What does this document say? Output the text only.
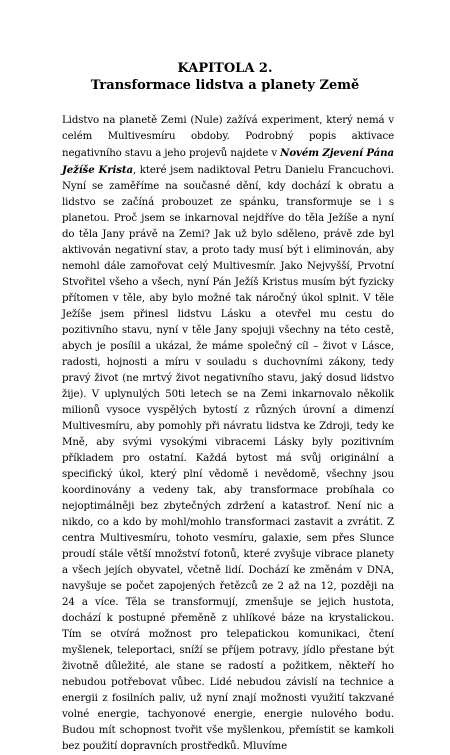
KAPITOLA 2.
Transformace lidstva a planety Země

Lidstvo na planetě Zemi (Nule) zažívá experiment, který nemá v celém Multivesmíru obdoby. Podrobný popis aktivace negativního stavu a jeho projevů najdete v Novém Zjevení Pána Ježíše Krista, které jsem nadiktoval Petru Danielu Francuchovi. Nyní se zaměříme na současné dění, kdy dochází k obratu a lidstvo se začíná probouzet ze spánku, transformuje se i s planetou. Proč jsem se inkarnoval nejdříve do těla Ježíše a nyní do těla Jany právě na Zemi? Jak už bylo sděleno, právě zde byl aktivován negativní stav, a proto tady musí být i eliminován, aby nemohl dále zamořovat celý Multivesmír. Jako Nejvyšší, Prvotní Stvořitel všeho a všech, nyní Pán Ježíš Kristus musím být fyzicky přítomen v těle, aby bylo možné tak náročný úkol splnit. V těle Ježíše jsem přinesl lidstvu Lásku a otevřel mu cestu do pozitivního stavu, nyní v těle Jany spojuji všechny na této cestě, abych je posílil a ukázal, že máme společný cíl – život v Lásce, radosti, hojnosti a míru v souladu s duchovními zákony, tedy pravý život (ne mrtvý život negativního stavu, jaký dosud lidstvo žije). V uplynulých 50ti letech se na Zemi inkarnovalo několik milionů vysoce vyspělých bytostí z různých úrovní a dimenzí Multivesmíru, aby pomohly při návratu lidstva ke Zdroji, tedy ke Mně, aby svými vysokými vibracemi Lásky byly pozitivním příkladem pro ostatní. Každá bytost má svůj originální a specifický úkol, který plní vědomě i nevědomě, všechny jsou koordinovány a vedeny tak, aby transformace probíhala co nejoptimálněji bez zbytečných zdržení a katastrof. Není nic a nikdo, co a kdo by mohl/mohlo transformaci zastavit a zvrátit. Z centra Multivesmíru, tohoto vesmíru, galaxie, sem přes Slunce proudí stále větší množství fotonů, které zvyšuje vibrace planety a všech jejích obyvatel, včetně lidí. Dochází ke změnám v DNA, navyšuje se počet zapojených řetězců ze 2 až na 12, později na 24 a více. Těla se transformují, zmenšuje se jejich hustota, dochází k postupné přeměně z uhlíkové báze na krystalickou. Tím se otvírá možnost pro telepatickou komunikaci, čtení myšlenek, teleportaci, sníží se příjem potravy, jídlo přestane být životně důležité, ale stane se radostí a požitkem, někteří ho nebudou potřebovat vůbec. Lidé nebudou závislí na technice a energii z fosilních paliv, už nyní znají možnosti využití takzvané volné energie, tachyonové energie, energie nulového bodu. Budou mít schopnost tvořit vše myšlenkou, přemístit se kamkoli bez použití dopravních prostředků. Mluvíme
